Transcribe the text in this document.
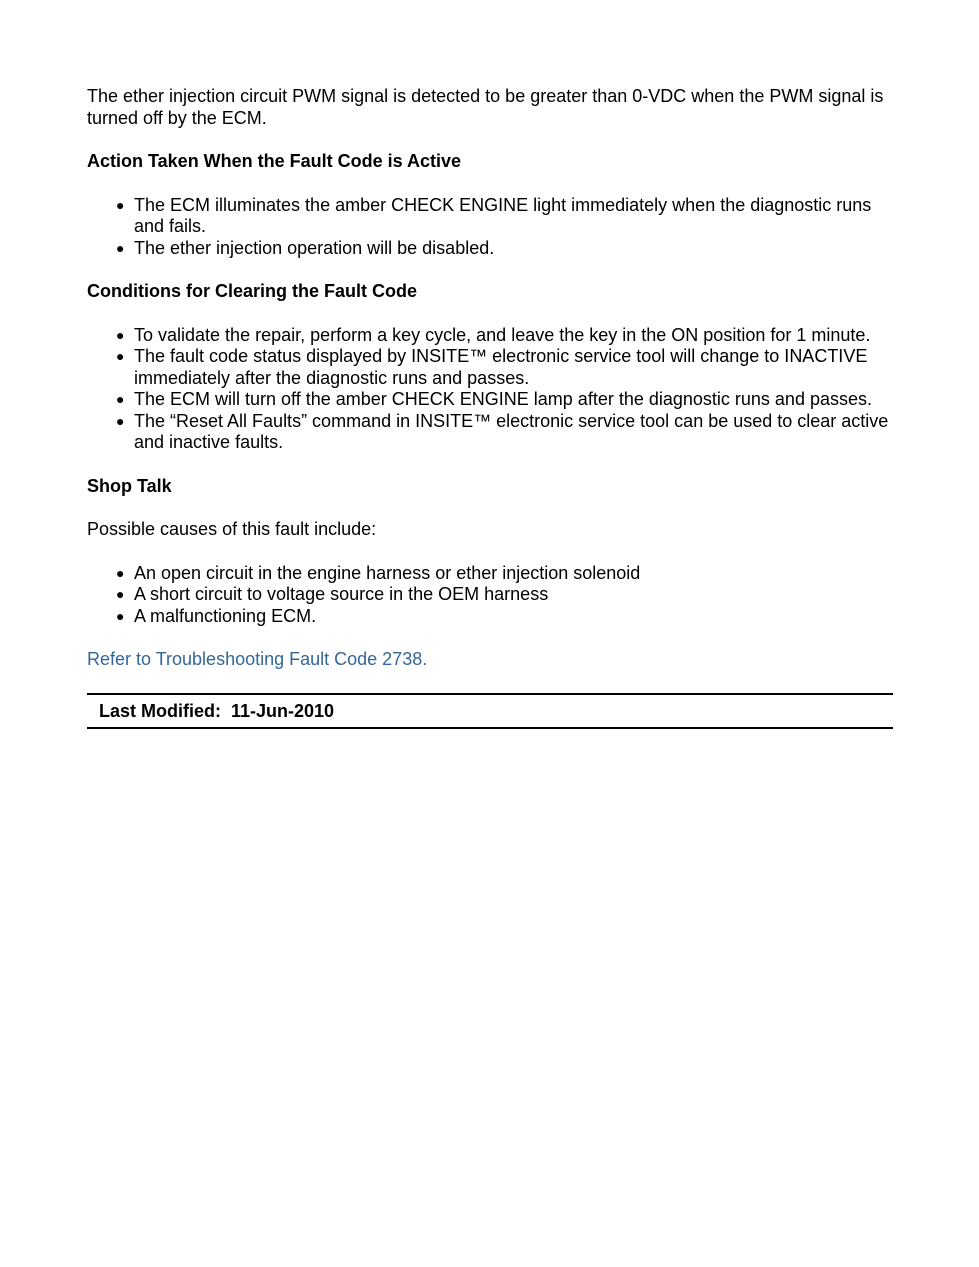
The ether injection circuit PWM signal is detected to be greater than 0-VDC when the PWM signal is turned off by the ECM.

Action Taken When the Fault Code is Active
● The ECM illuminates the amber CHECK ENGINE light immediately when the diagnostic runs and fails.
● The ether injection operation will be disabled.
Conditions for Clearing the Fault Code
● To validate the repair, perform a key cycle, and leave the key in the ON position for 1 minute.
● The fault code status displayed by INSITE™ electronic service tool will change to INACTIVE immediately after the diagnostic runs and passes.
● The ECM will turn off the amber CHECK ENGINE lamp after the diagnostic runs and passes.
● The “Reset All Faults” command in INSITE™ electronic service tool can be used to clear active and inactive faults.
Shop Talk

Possible causes of this fault include:

● An open circuit in the engine harness or ether injection solenoid
● A short circuit to voltage source in the OEM harness
● A malfunctioning ECM.
Refer to Troubleshooting Fault Code 2738.
Last Modified:  11-Jun-2010
